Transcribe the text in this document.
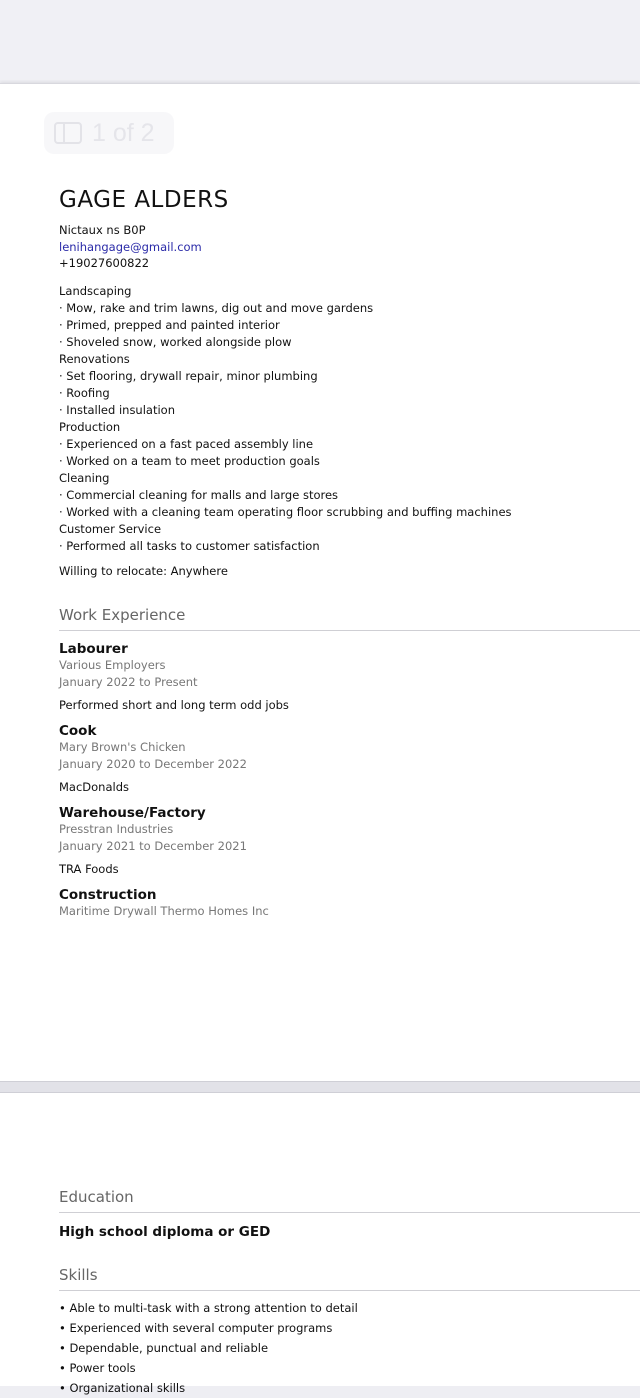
1 of 2
GAGE ALDERS
Nictaux ns B0P
lenihangage@gmail.com
+19027600822
Landscaping
· Mow, rake and trim lawns, dig out and move gardens
· Primed, prepped and painted interior
· Shoveled snow, worked alongside plow
Renovations
· Set flooring, drywall repair, minor plumbing
· Roofing
· Installed insulation
Production
· Experienced on a fast paced assembly line
· Worked on a team to meet production goals
Cleaning
· Commercial cleaning for malls and large stores
· Worked with a cleaning team operating floor scrubbing and buffing machines
Customer Service
· Performed all tasks to customer satisfaction
Willing to relocate: Anywhere
Work Experience
Labourer
Various Employers
January 2022 to Present
Performed short and long term odd jobs
Cook
Mary Brown's Chicken
January 2020 to December 2022
MacDonalds
Warehouse/Factory
Presstran Industries
January 2021 to December 2021
TRA Foods
Construction
Maritime Drywall Thermo Homes Inc
Education
High school diploma or GED
Skills
• Able to multi-task with a strong attention to detail
• Experienced with several computer programs
• Dependable, punctual and reliable
• Power tools
• Organizational skills
